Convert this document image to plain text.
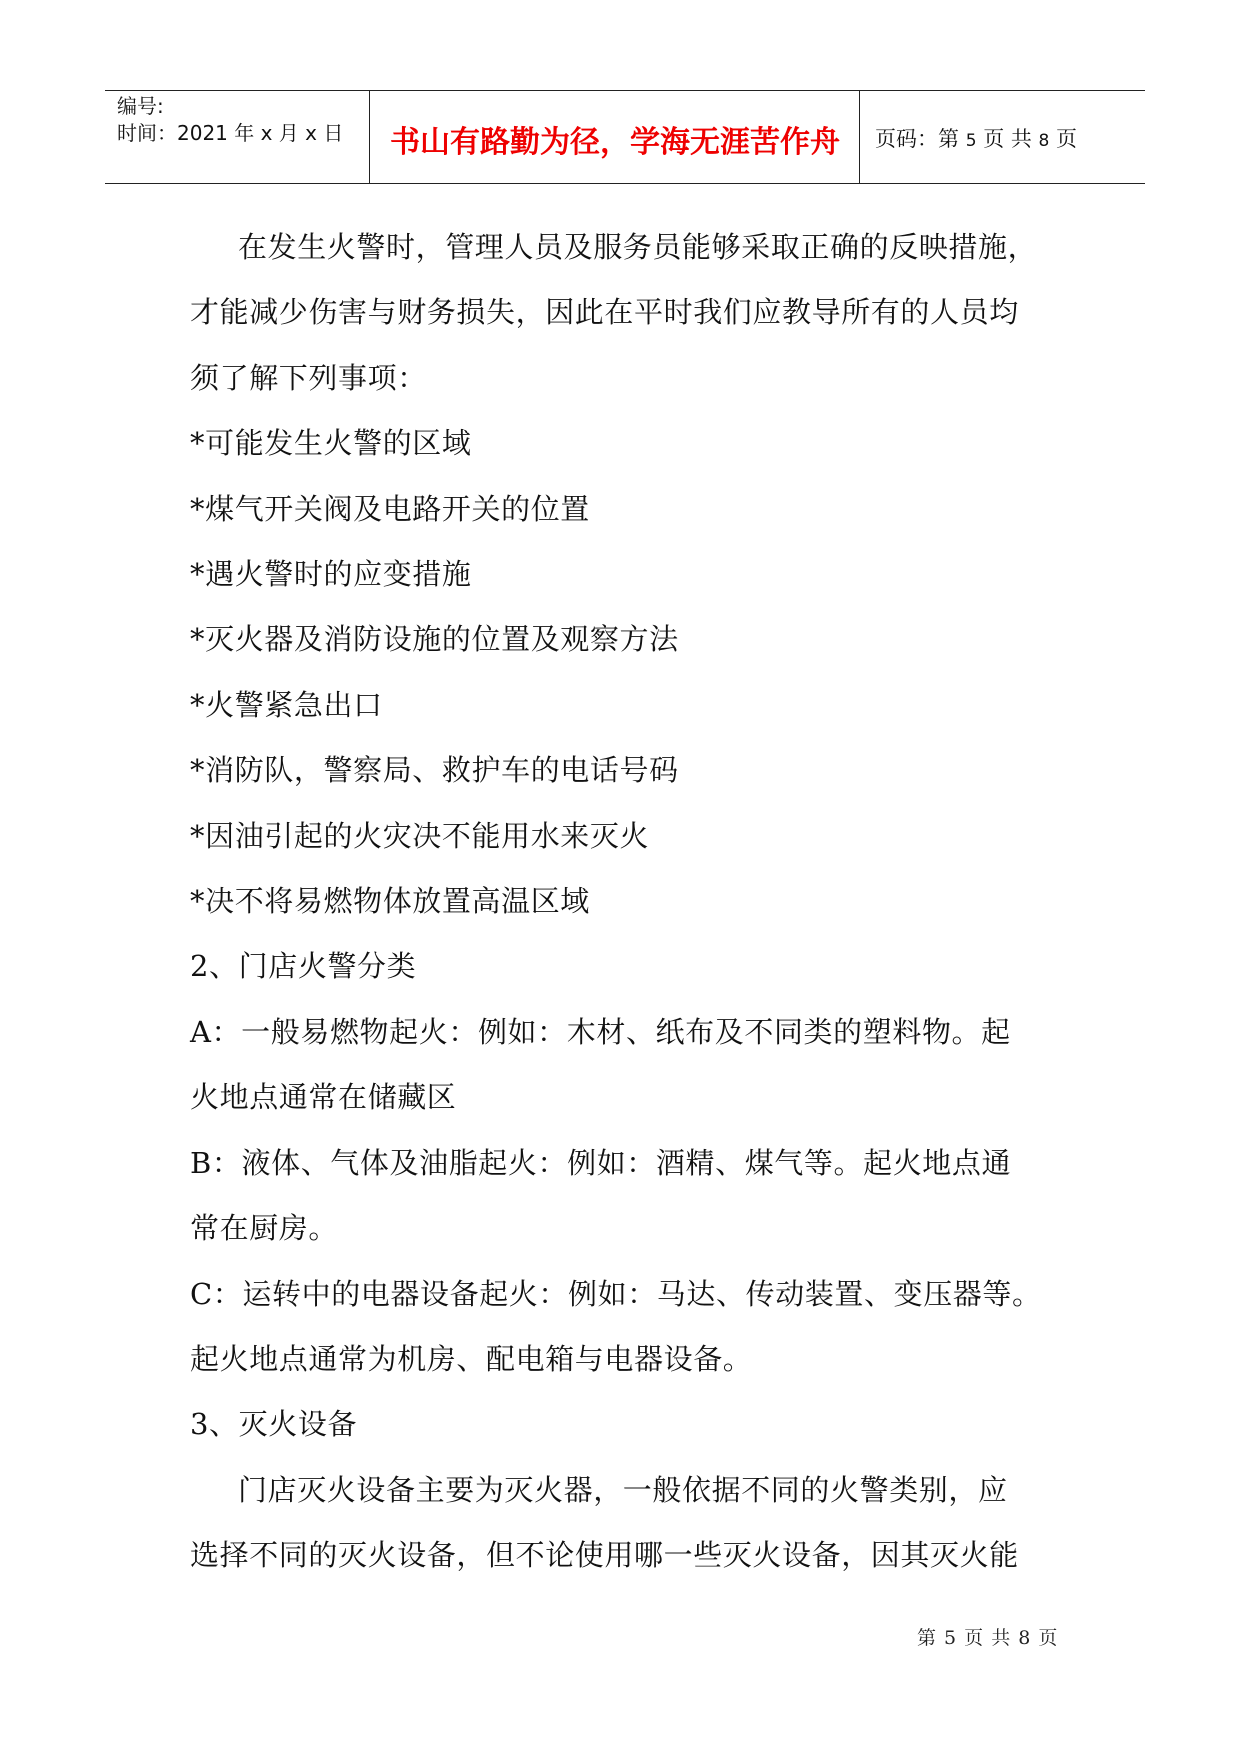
编号:
时间：2021 年 x 月 x 日	书山有路勤为径，学海无涯苦作舟	页码：第 5 页 共 8 页

在发生火警时，管理人员及服务员能够采取正确的反映措施，

才能减少伤害与财务损失，因此在平时我们应教导所有的人员均

须了解下列事项：

*可能发生火警的区域

*煤气开关阀及电路开关的位置

*遇火警时的应变措施

*灭火器及消防设施的位置及观察方法

*火警紧急出口

*消防队，警察局、救护车的电话号码

*因油引起的火灾决不能用水来灭火

*决不将易燃物体放置高温区域

2、门店火警分类

A：一般易燃物起火：例如：木材、纸布及不同类的塑料物。起

火地点通常在储藏区

B：液体、气体及油脂起火：例如：酒精、煤气等。起火地点通

常在厨房。

C：运转中的电器设备起火：例如：马达、传动装置、变压器等。

起火地点通常为机房、配电箱与电器设备。

3、灭火设备

门店灭火设备主要为灭火器，一般依据不同的火警类别，应

选择不同的灭火设备，但不论使用哪一些灭火设备，因其灭火能

第 5 页 共 8 页
